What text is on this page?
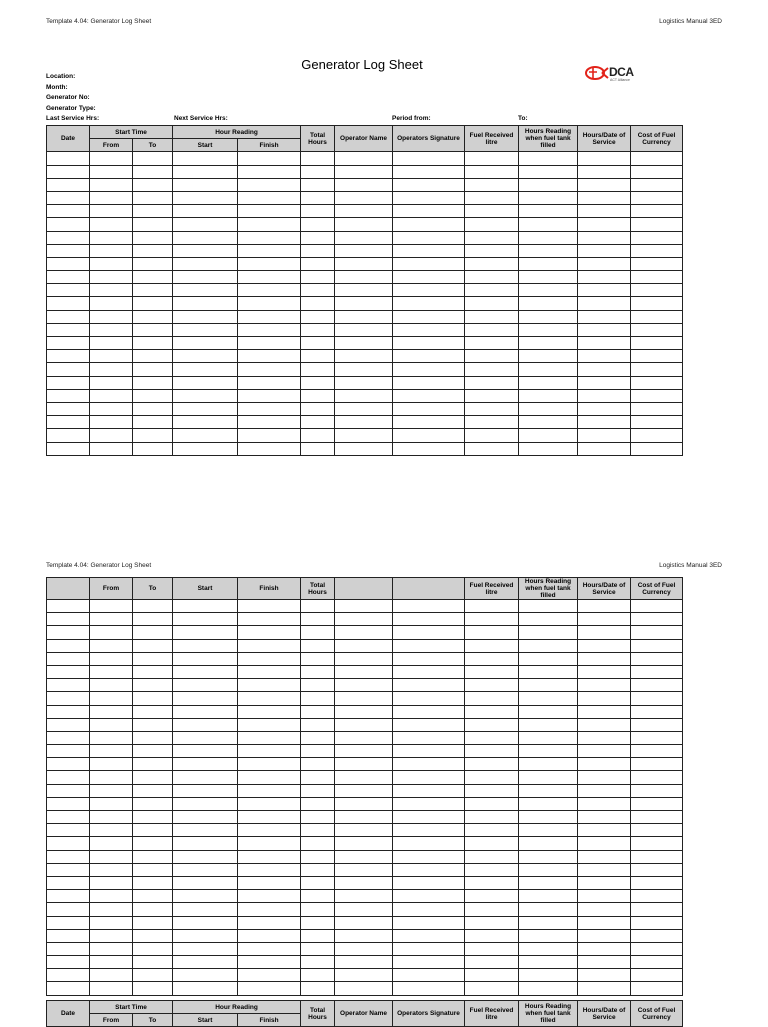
Template 4.04: Generator Log Sheet	Logistics Manual 3ED
Generator Log Sheet	DCA
ACT Alliance
Location:
Month:
Generator No:
Generator Type:
Last Service Hrs:	Next Service Hrs:	Period from:	To:
Date	Start Time		Hour Reading		Total Hours	Operator Name	Operators Signature	Fuel Received litre	Hours Reading when fuel tank filled	Hours/Date of Service	Cost of Fuel Currency
	From	To	Start	Finish							

Template 4.04: Generator Log Sheet	Logistics Manual 3ED
	From	To	Start	Finish	Total Hours			Fuel Received litre	Hours Reading when fuel tank filled	Hours/Date of Service	Cost of Fuel Currency

Date	Start Time		Hour Reading		Total Hours	Operator Name	Operators Signature	Fuel Received litre	Hours Reading when fuel tank filled	Hours/Date of Service	Cost of Fuel Currency
	From	To	Start	Finish							
